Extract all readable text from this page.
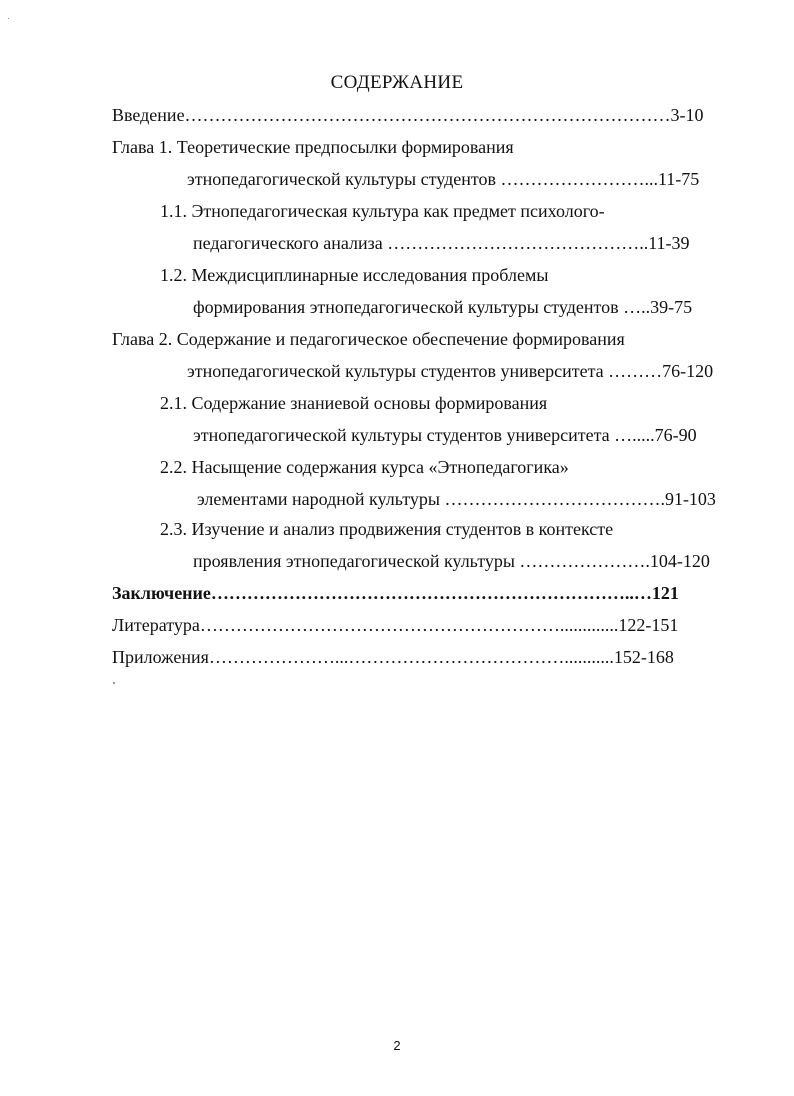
СОДЕРЖАНИЕ
Введение………………………………………………………………………3-10
Глава 1. Теоретические предпосылки формирования
этнопедагогической культуры студентов ……………………...11-75
1.1. Этнопедагогическая культура как предмет психолого-
педагогического анализа ……………………………………..11-39
1.2. Междисциплинарные исследования проблемы
формирования этнопедагогической культуры студентов …..39-75
Глава 2. Содержание и педагогическое обеспечение формирования
этнопедагогической культуры студентов университета ………76-120
2.1. Содержание знаниевой основы формирования
этнопедагогической культуры студентов университета ….....76-90
2.2. Насыщение содержания курса «Этнопедагогика»
элементами народной культуры ……………………………….91-103
2.3. Изучение и анализ продвижения студентов в контексте
проявления этнопедагогической культуры ………………….104-120
Заключение……………………………………………………………..…121
Литература…………………………………………………….............122-151
Приложения…………………...………………………………...........152-168
2
